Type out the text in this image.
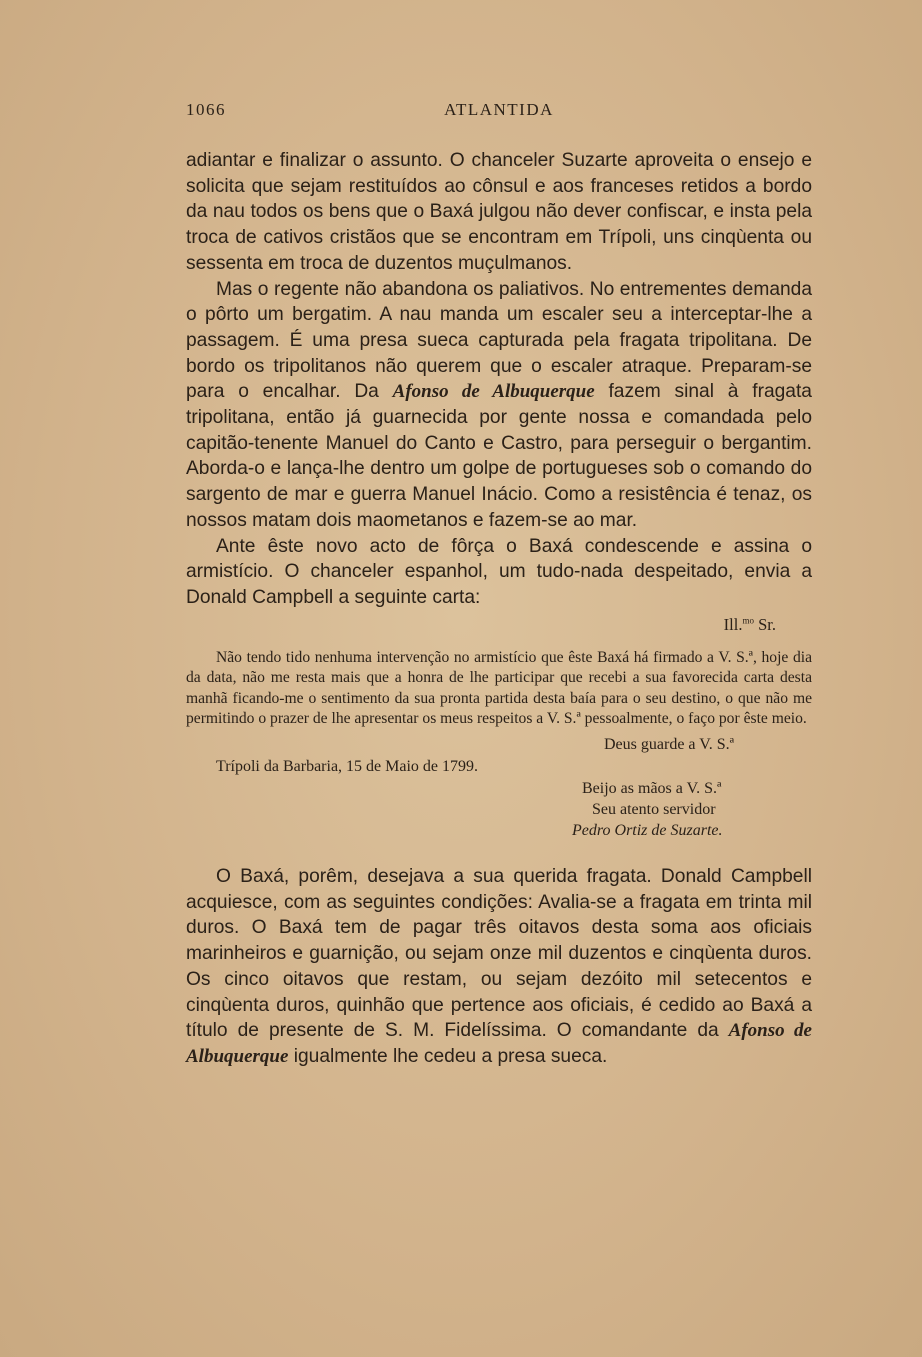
1066	ATLANTIDA

adiantar e finalizar o assunto. O chanceler Suzarte aproveita o ensejo e solicita que sejam restituídos ao cônsul e aos franceses retidos a bordo da nau todos os bens que o Baxá julgou não dever confiscar, e insta pela troca de cativos cristãos que se encontram em Trípoli, uns cinqùenta ou sessenta em troca de duzentos muçulmanos.

Mas o regente não abandona os paliativos. No entrementes demanda o pôrto um bergatim. A nau manda um escaler seu a interceptar-lhe a passagem. É uma presa sueca capturada pela fragata tripolitana. De bordo os tripolitanos não querem que o escaler atraque. Preparam-se para o encalhar. Da Afonso de Albuquerque fazem sinal à fragata tripolitana, então já guarnecida por gente nossa e comandada pelo capitão-tenente Manuel do Canto e Castro, para perseguir o bergantim. Aborda-o e lança-lhe dentro um golpe de portugueses sob o comando do sargento de mar e guerra Manuel Inácio. Como a resistência é tenaz, os nossos matam dois maometanos e fazem-se ao mar.

Ante êste novo acto de fôrça o Baxá condescende e assina o armistício. O chanceler espanhol, um tudo-nada despeitado, envia a Donald Campbell a seguinte carta:

Ill.$^{mo}$ Sr.

Não tendo tido nenhuma intervenção no armistício que êste Baxá há firmado a V. S.ª, hoje dia da data, não me resta mais que a honra de lhe participar que recebi a sua favorecida carta desta manhã ficando-me o sentimento da sua pronta partida desta baía para o seu destino, o que não me permitindo o prazer de lhe apresentar os meus respeitos a V. S.ª pessoalmente, o faço por êste meio.

Deus guarde a V. S.ª
Trípoli da Barbaria, 15 de Maio de 1799.
Beijo as mãos a V. S.ª
Seu atento servidor
Pedro Ortiz de Suzarte.

O Baxá, porêm, desejava a sua querida fragata. Donald Campbell acquiesce, com as seguintes condições: Avalia-se a fragata em trinta mil duros. O Baxá tem de pagar três oitavos desta soma aos oficiais marinheiros e guarnição, ou sejam onze mil duzentos e cinqùenta duros. Os cinco oitavos que restam, ou sejam dezóito mil setecentos e cinqùenta duros, quinhão que pertence aos oficiais, é cedido ao Baxá a título de presente de S. M. Fidelíssima. O comandante da Afonso de Albuquerque igualmente lhe cedeu a presa sueca.
